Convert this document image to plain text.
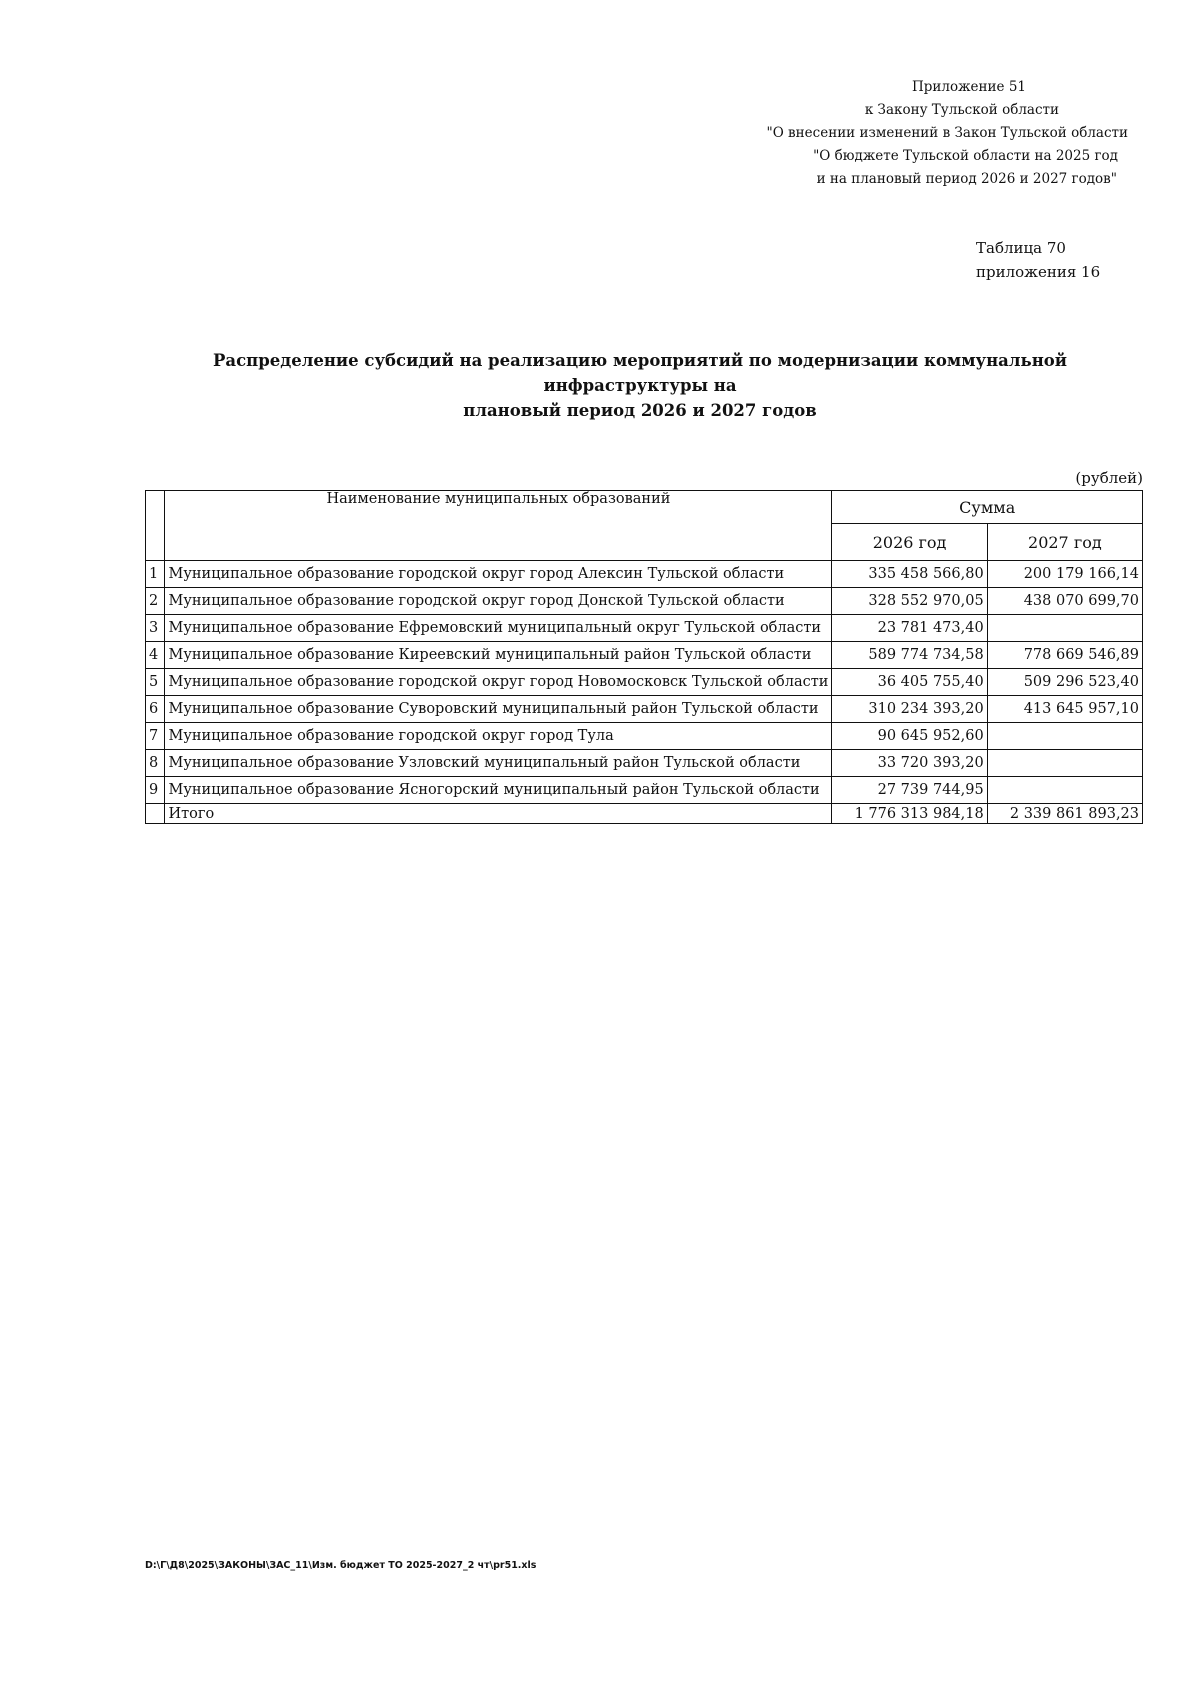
Приложение 51
к Закону Тульской области
"О внесении изменений в Закон Тульской области
"О бюджете Тульской области на 2025 год
и на плановый период 2026 и 2027 годов"
Таблица 70
приложения 16
Распределение субсидий на реализацию мероприятий по модернизации коммунальной инфраструктуры на
плановый период 2026 и 2027 годов
(рублей)
	Наименование муниципальных образований	Сумма	
		2026 год	2027 год
1	Муниципальное образование городской округ город Алексин Тульской области	335 458 566,80	200 179 166,14
2	Муниципальное образование городской округ город Донской Тульской области	328 552 970,05	438 070 699,70
3	Муниципальное образование Ефремовский муниципальный округ Тульской области	23 781 473,40	
4	Муниципальное образование Киреевский муниципальный район Тульской области	589 774 734,58	778 669 546,89
5	Муниципальное образование городской округ город Новомосковск Тульской области	36 405 755,40	509 296 523,40
6	Муниципальное образование Суворовский муниципальный район Тульской области	310 234 393,20	413 645 957,10
7	Муниципальное образование городской округ город Тула	90 645 952,60	
8	Муниципальное образование Узловский муниципальный район Тульской области	33 720 393,20	
9	Муниципальное образование Ясногорский муниципальный район Тульской области	27 739 744,95	
	Итого	1 776 313 984,18	2 339 861 893,23
D:\Г\Д8\2025\ЗАКОНЫ\ЗАС_11\Изм. бюджет ТО 2025-2027_2 чт\pr51.xls
